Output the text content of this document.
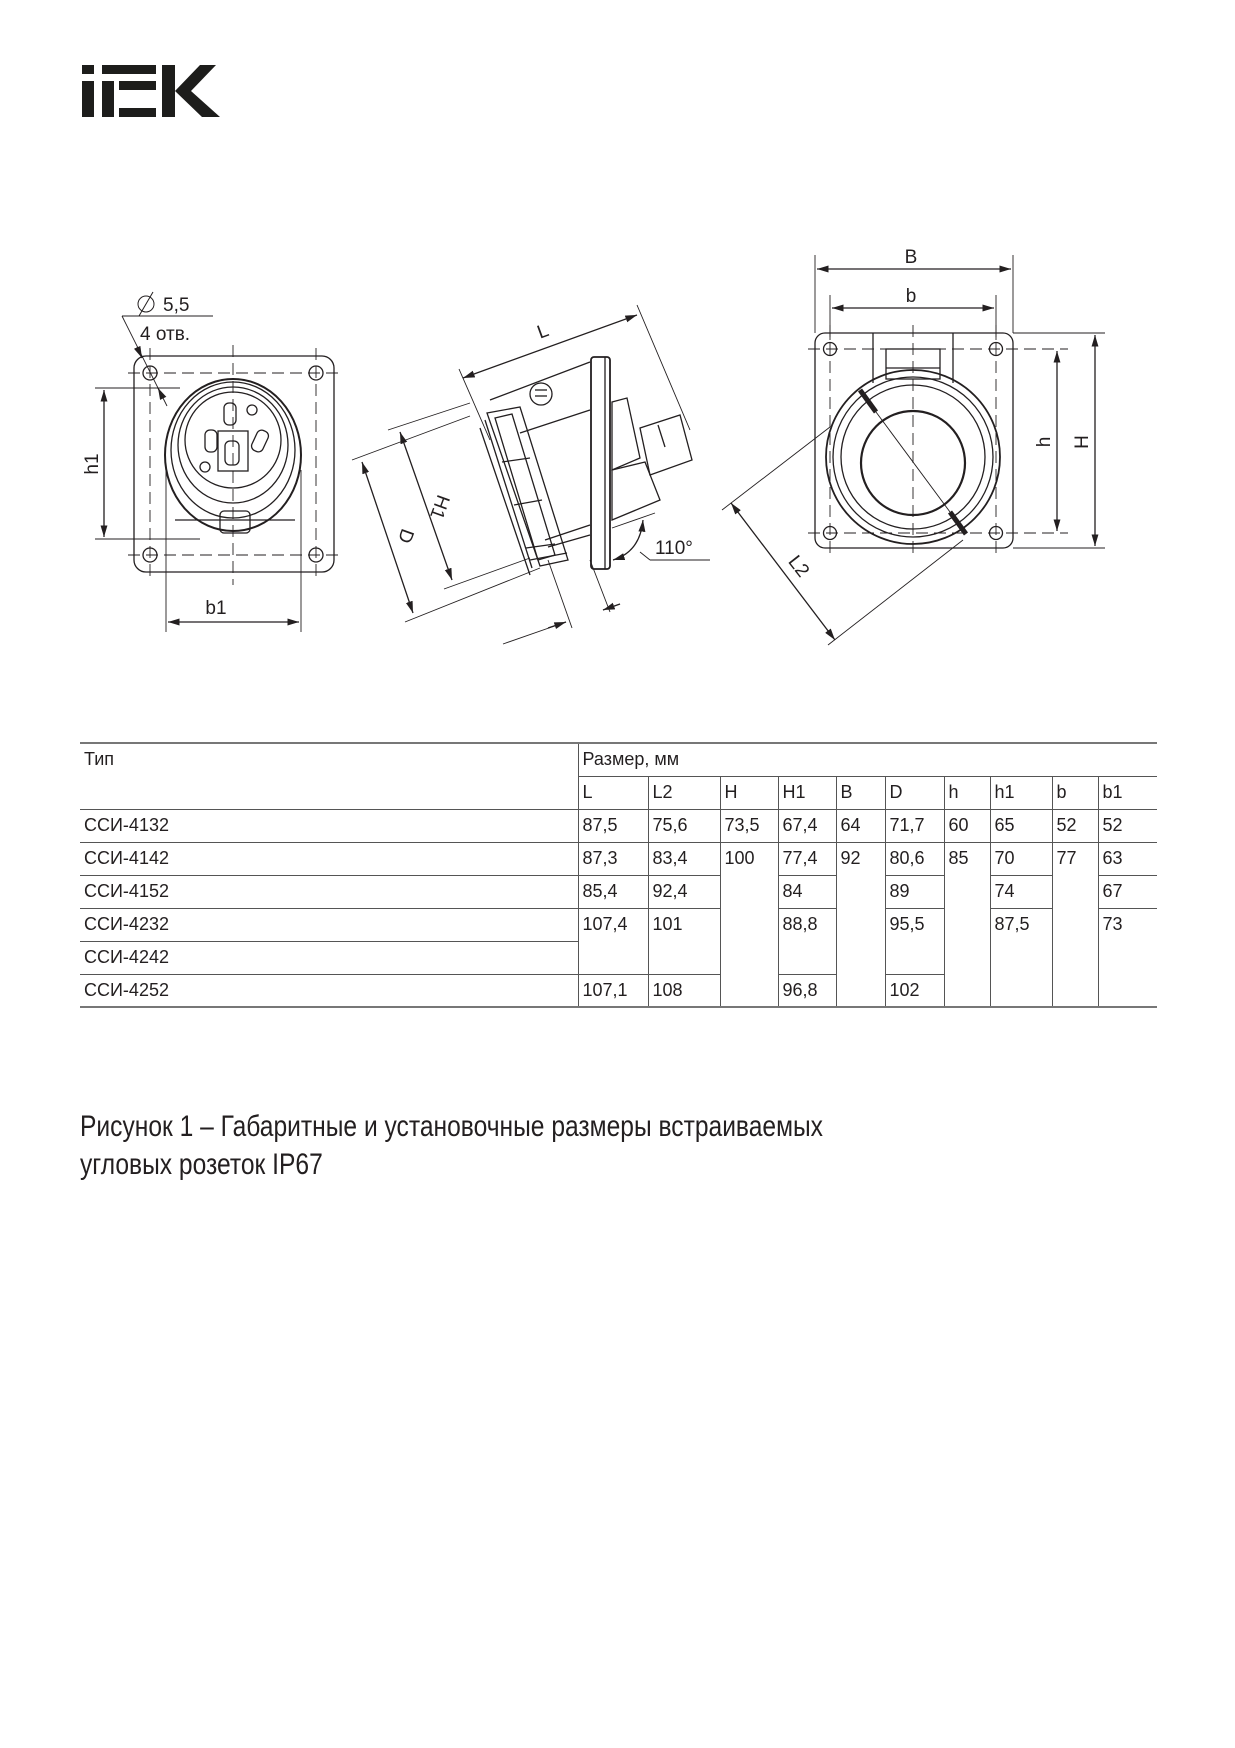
5,5
4 отв.
b1
h1
L
H1
D
110°
B
b
h H
L2
Тип	Размер, мм									
	L	L2	H	H1	B	D	h	h1	b	b1
ССИ-4132	87,5	75,6	73,5	67,4	64	71,7	60	65	52	52
ССИ-4142	87,3	83,4	100	77,4	92	80,6	85	70	77	63
ССИ-4152	85,4	92,4		84		89		74		67
ССИ-4232	107,4	101		88,8		95,5		87,5		73
ССИ-4242										
ССИ-4252	107,1	108		96,8		102				
Рисунок 1 – Габаритные и установочные размеры встраиваемых
угловых розеток IP67
